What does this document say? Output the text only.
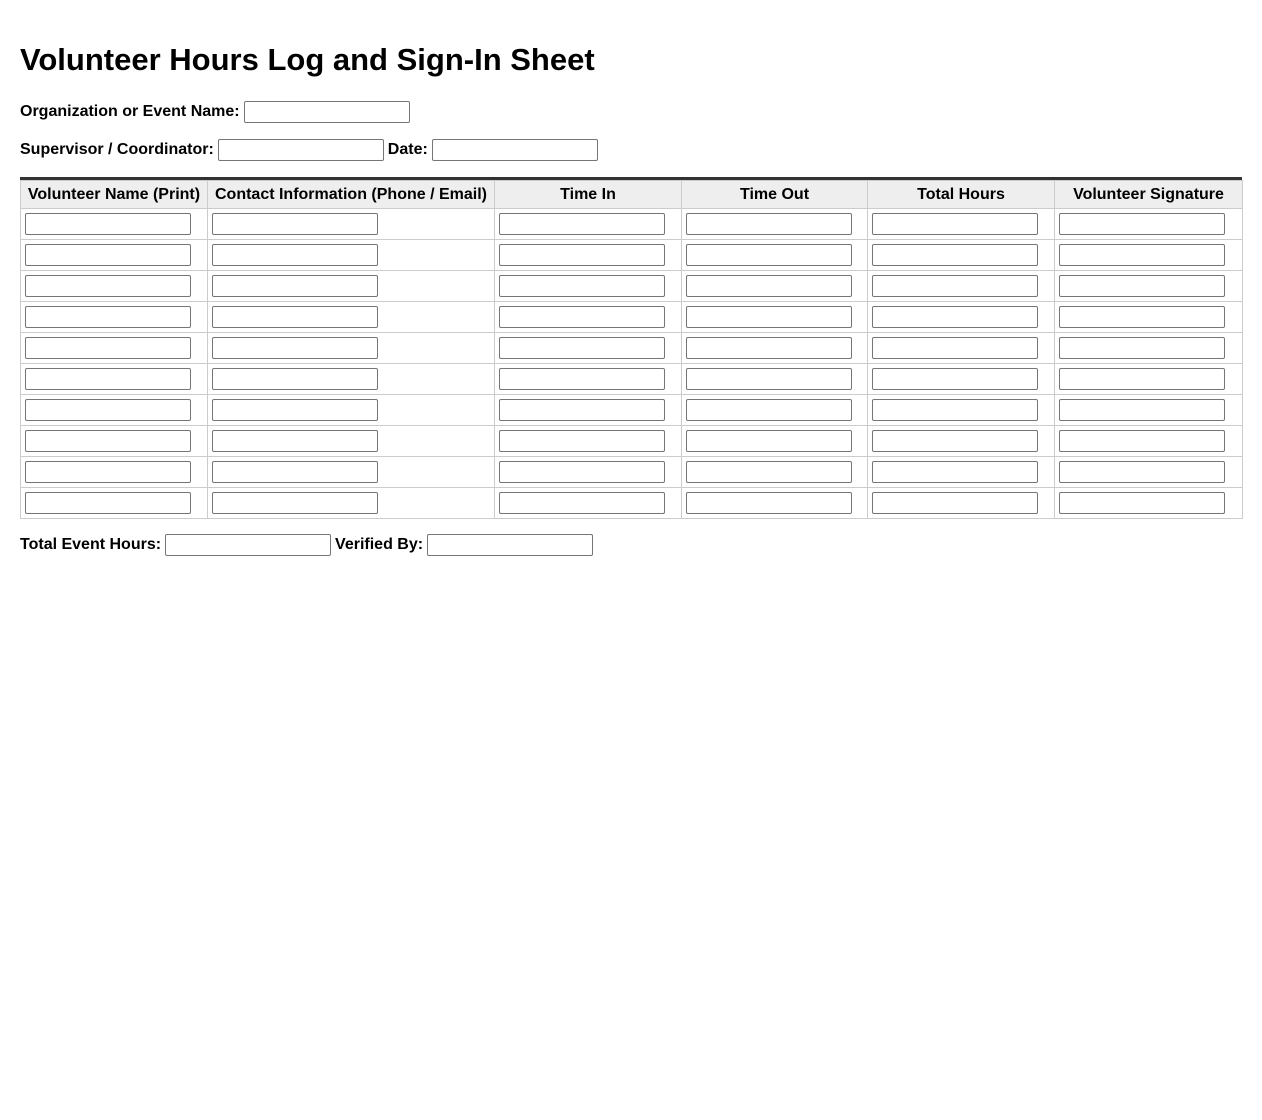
Volunteer Hours Log and Sign-In Sheet
Organization or Event Name:
Supervisor / Coordinator:	Date:
Volunteer Name (Print)	Contact Information (Phone / Email)	Time In	Time Out	Total Hours	Volunteer Signature

Total Event Hours:	Verified By:
